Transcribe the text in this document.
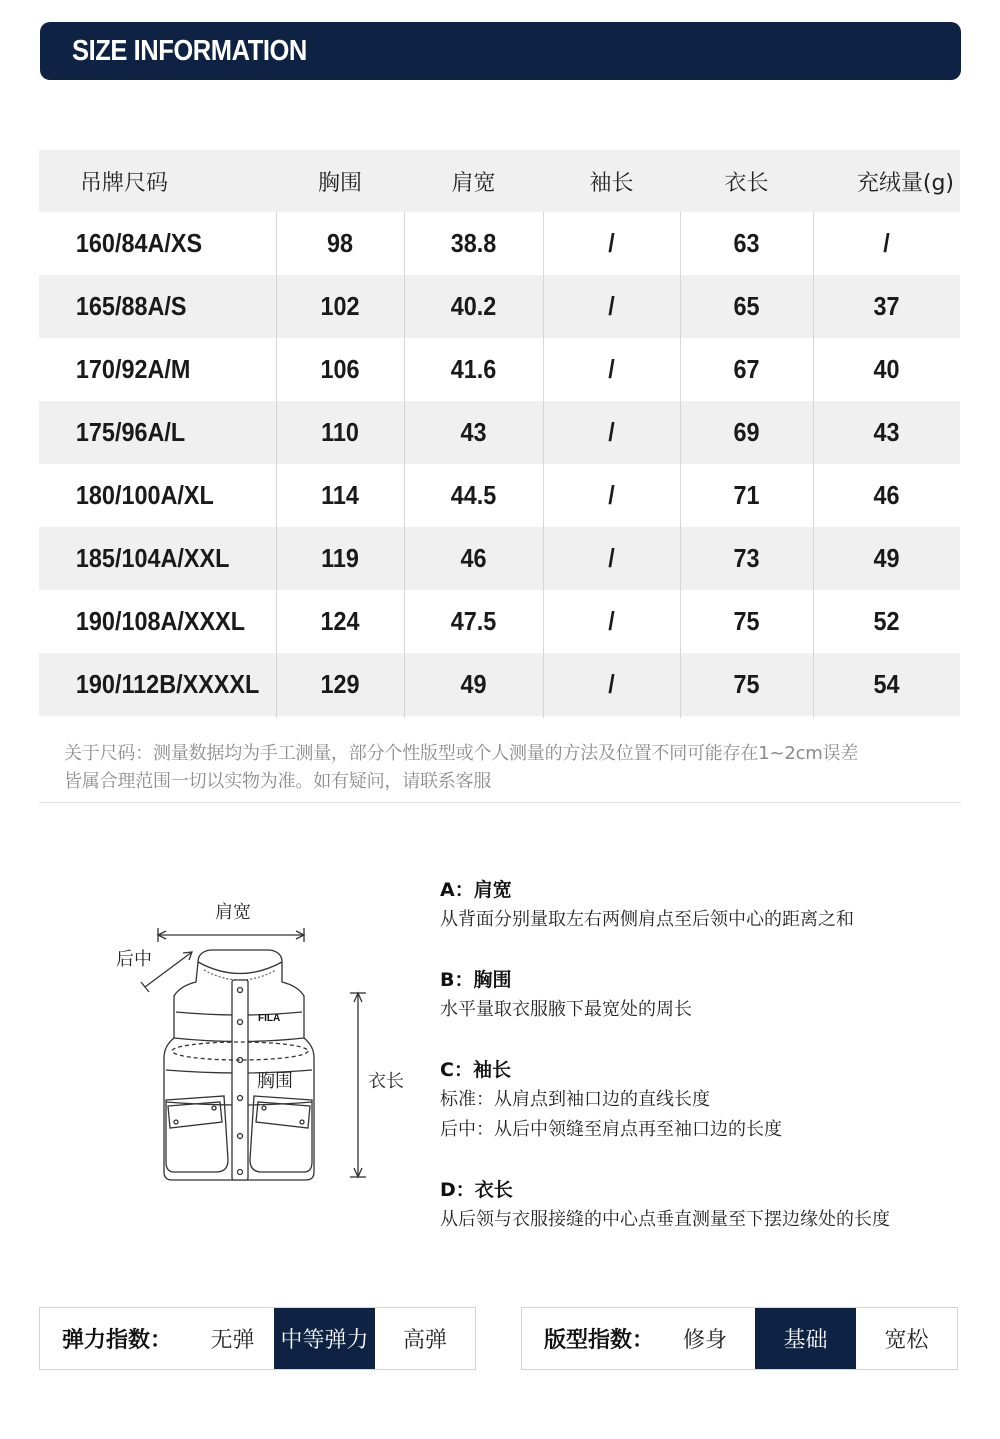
SIZE INFORMATION
吊牌尺码	胸围	肩宽	袖长	衣长	充绒量(g)
160/84A/XS	98	38.8	/	63	/
165/88A/S	102	40.2	/	65	37
170/92A/M	106	41.6	/	67	40
175/96A/L	110	43	/	69	43
180/100A/XL	114	44.5	/	71	46
185/104A/XXL	119	46	/	73	49
190/108A/XXXL	124	47.5	/	75	52
190/112B/XXXXL	129	49	/	75	54
关于尺码：测量数据均为手工测量，部分个性版型或个人测量的方法及位置不同可能存在1~2cm误差
皆属合理范围一切以实物为准。如有疑问，请联系客服
FILA
肩宽
后中
胸围	衣长
A：肩宽
从背面分别量取左右两侧肩点至后领中心的距离之和
B：胸围
水平量取衣服腋下最宽处的周长
C：袖长
标准：从肩点到袖口边的直线长度
后中：从后中领缝至肩点再至袖口边的长度
D：衣长
从后领与衣服接缝的中心点垂直测量至下摆边缘处的长度
弹力指数：	无弹	中等弹力	高弹	版型指数：	修身	基础	宽松
